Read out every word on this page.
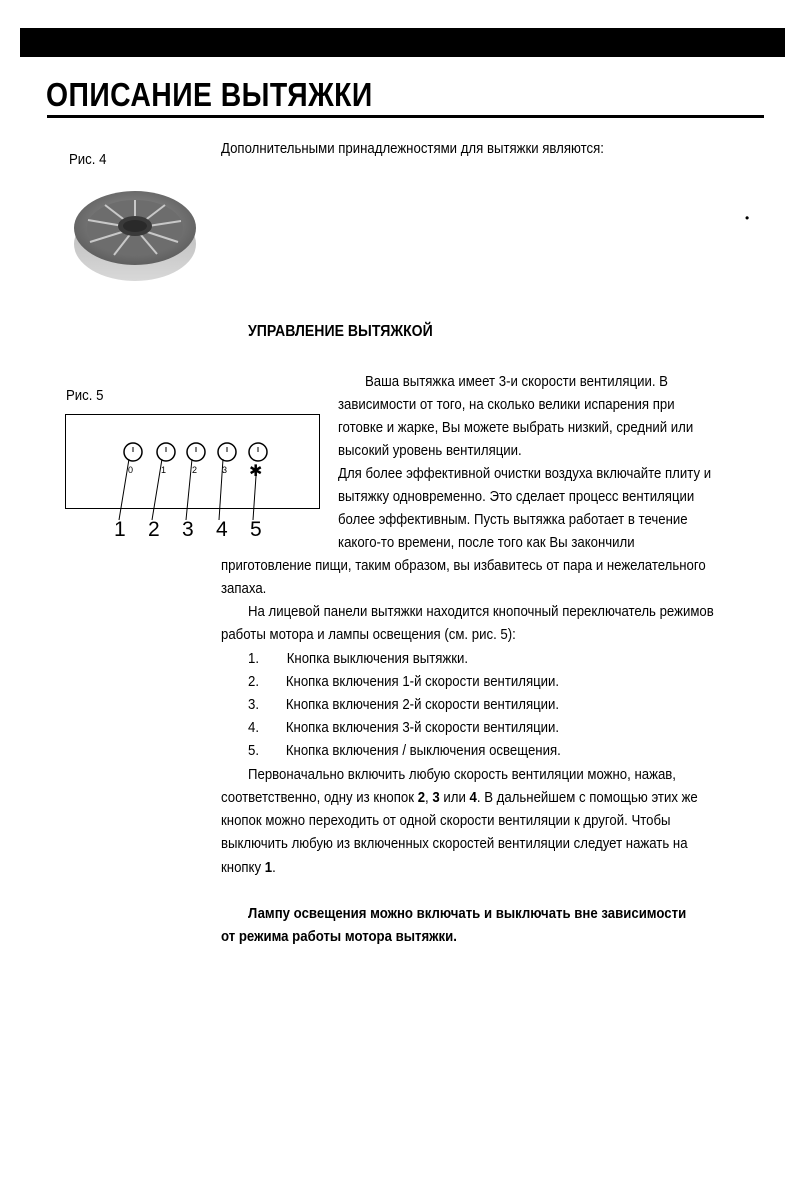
ОПИСАНИЕ ВЫТЯЖКИ
Рис. 4
Дополнительными принадлежностями для вытяжки являются:
•
УПРАВЛЕНИЕ ВЫТЯЖКОЙ
Рис. 5
0	1	2	3 ✱
1 2 3 4 5
Ваша вытяжка имеет 3-и скорости вентиляции. В
зависимости от того, на сколько велики испарения при
готовке и жарке, Вы можете выбрать низкий, средний или
высокий уровень вентиляции.
Для более эффективной очистки воздуха включайте плиту и
вытяжку одновременно. Это сделает процесс вентиляции
более эффективным. Пусть вытяжка работает в течение
какого-то времени, после того как Вы закончили
приготовление пищи, таким образом, вы избавитесь от пара и нежелательного
запаха.
На лицевой панели вытяжки находится кнопочный переключатель режимов
работы мотора и лампы освещения (см. рис. 5):
1. Кнопка выключения вытяжки.
2. Кнопка включения 1-й скорости вентиляции.
3. Кнопка включения 2-й скорости вентиляции.
4. Кнопка включения 3-й скорости вентиляции.
5. Кнопка включения / выключения освещения.
Первоначально включить любую скорость вентиляции можно, нажав,
соответственно, одну из кнопок 2, 3 или 4. В дальнейшем с помощью этих же
кнопок можно переходить от одной скорости вентиляции к другой. Чтобы
выключить любую из включенных скоростей вентиляции следует нажать на
кнопку 1.
Лампу освещения можно включать и выключать вне зависимости
от режима работы мотора вытяжки.
